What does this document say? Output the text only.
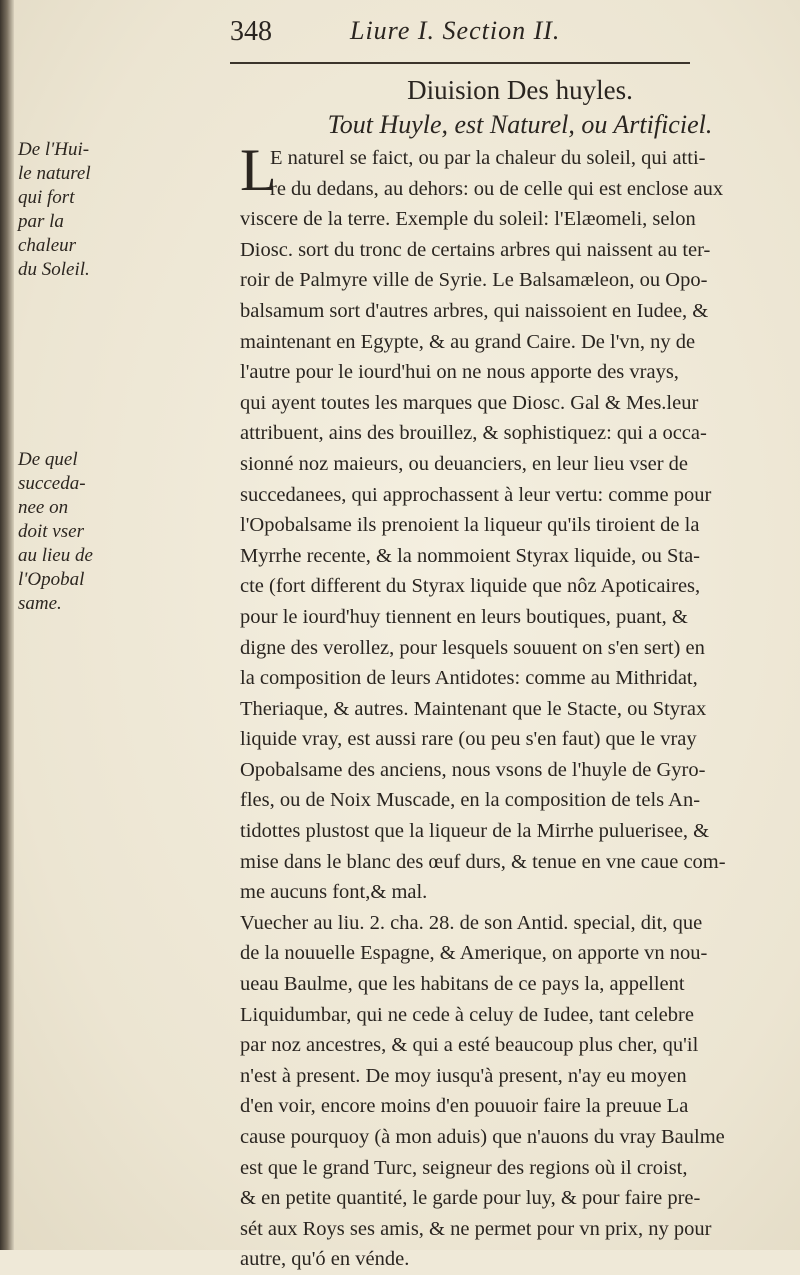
348	Liure I. Section II.
Diuision Des huyles.
Tout Huyle, est Naturel, ou Artificiel.
De l'Hui-
le naturel
qui fort
par la
chaleur
du Soleil.
De quel
succeda-
nee on
doit vser
au lieu de
l'Opobal
same.
L
E naturel se faict, ou par la chaleur du soleil, qui atti-
re du dedans, au dehors: ou de celle qui est enclose aux
viscere de la terre. Exemple du soleil: l'Elæomeli, selon
Diosc. sort du tronc de certains arbres qui naissent au ter-
roir de Palmyre ville de Syrie. Le Balsamæleon, ou Opo-
balsamum sort d'autres arbres, qui naissoient en Iudee, &
maintenant en Egypte, & au grand Caire. De l'vn, ny de
l'autre pour le iourd'hui on ne nous apporte des vrays,
qui ayent toutes les marques que Diosc. Gal & Mes.leur
attribuent, ains des brouillez, & sophistiquez: qui a occa-
sionné noz maieurs, ou deuanciers, en leur lieu vser de
succedanees, qui approchassent à leur vertu: comme pour
l'Opobalsame ils prenoient la liqueur qu'ils tiroient de la
Myrrhe recente, & la nommoient Styrax liquide, ou Sta-
cte (fort different du Styrax liquide que nôz Apoticaires,
pour le iourd'huy tiennent en leurs boutiques, puant, &
digne des verollez, pour lesquels souuent on s'en sert) en
la composition de leurs Antidotes: comme au Mithridat,
Theriaque, & autres. Maintenant que le Stacte, ou Styrax
liquide vray, est aussi rare (ou peu s'en faut) que le vray
Opobalsame des anciens, nous vsons de l'huyle de Gyro-
fles, ou de Noix Muscade, en la composition de tels An-
tidottes plustost que la liqueur de la Mirrhe puluerisee, &
mise dans le blanc des œuf durs, & tenue en vne caue com-
me aucuns font,& mal.
Vuecher au liu. 2. cha. 28. de son Antid. special, dit, que
de la nouuelle Espagne, & Amerique, on apporte vn nou-
ueau Baulme, que les habitans de ce pays la, appellent
Liquidumbar, qui ne cede à celuy de Iudee, tant celebre
par noz ancestres, & qui a esté beaucoup plus cher, qu'il
n'est à present. De moy iusqu'à present, n'ay eu moyen
d'en voir, encore moins d'en pouuoir faire la preuue La
cause pourquoy (à mon aduis) que n'auons du vray Baulme
est que le grand Turc, seigneur des regions où il croist,
& en petite quantité, le garde pour luy, & pour faire pre-
sét aux Roys ses amis, & ne permet pour vn prix, ny pour
autre, qu'ó en vénde.
